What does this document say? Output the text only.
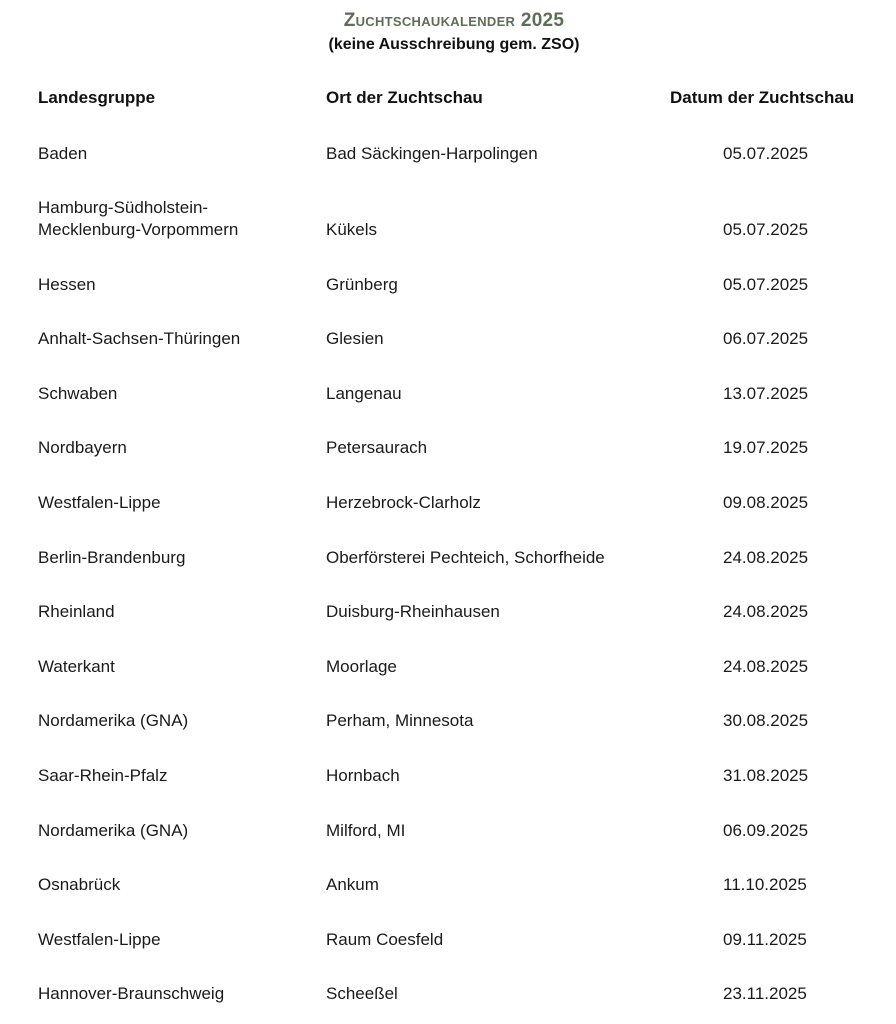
Zuchtschaukalender 2025
(keine Ausschreibung gem. ZSO)
Landesgruppe	Ort der Zuchtschau	Datum der Zuchtschau
Baden	Bad Säckingen-Harpolingen	05.07.2025
Hamburg-Südholstein-
Mecklenburg-Vorpommern	Kükels	05.07.2025
Hessen	Grünberg	05.07.2025
Anhalt-Sachsen-Thüringen	Glesien	06.07.2025
Schwaben	Langenau	13.07.2025
Nordbayern	Petersaurach	19.07.2025
Westfalen-Lippe	Herzebrock-Clarholz	09.08.2025
Berlin-Brandenburg	Oberförsterei Pechteich, Schorfheide	24.08.2025
Rheinland	Duisburg-Rheinhausen	24.08.2025
Waterkant	Moorlage	24.08.2025
Nordamerika (GNA)	Perham, Minnesota	30.08.2025
Saar-Rhein-Pfalz	Hornbach	31.08.2025
Nordamerika (GNA)	Milford, MI	06.09.2025
Osnabrück	Ankum	11.10.2025
Westfalen-Lippe	Raum Coesfeld	09.11.2025
Hannover-Braunschweig	Scheeßel	23.11.2025
